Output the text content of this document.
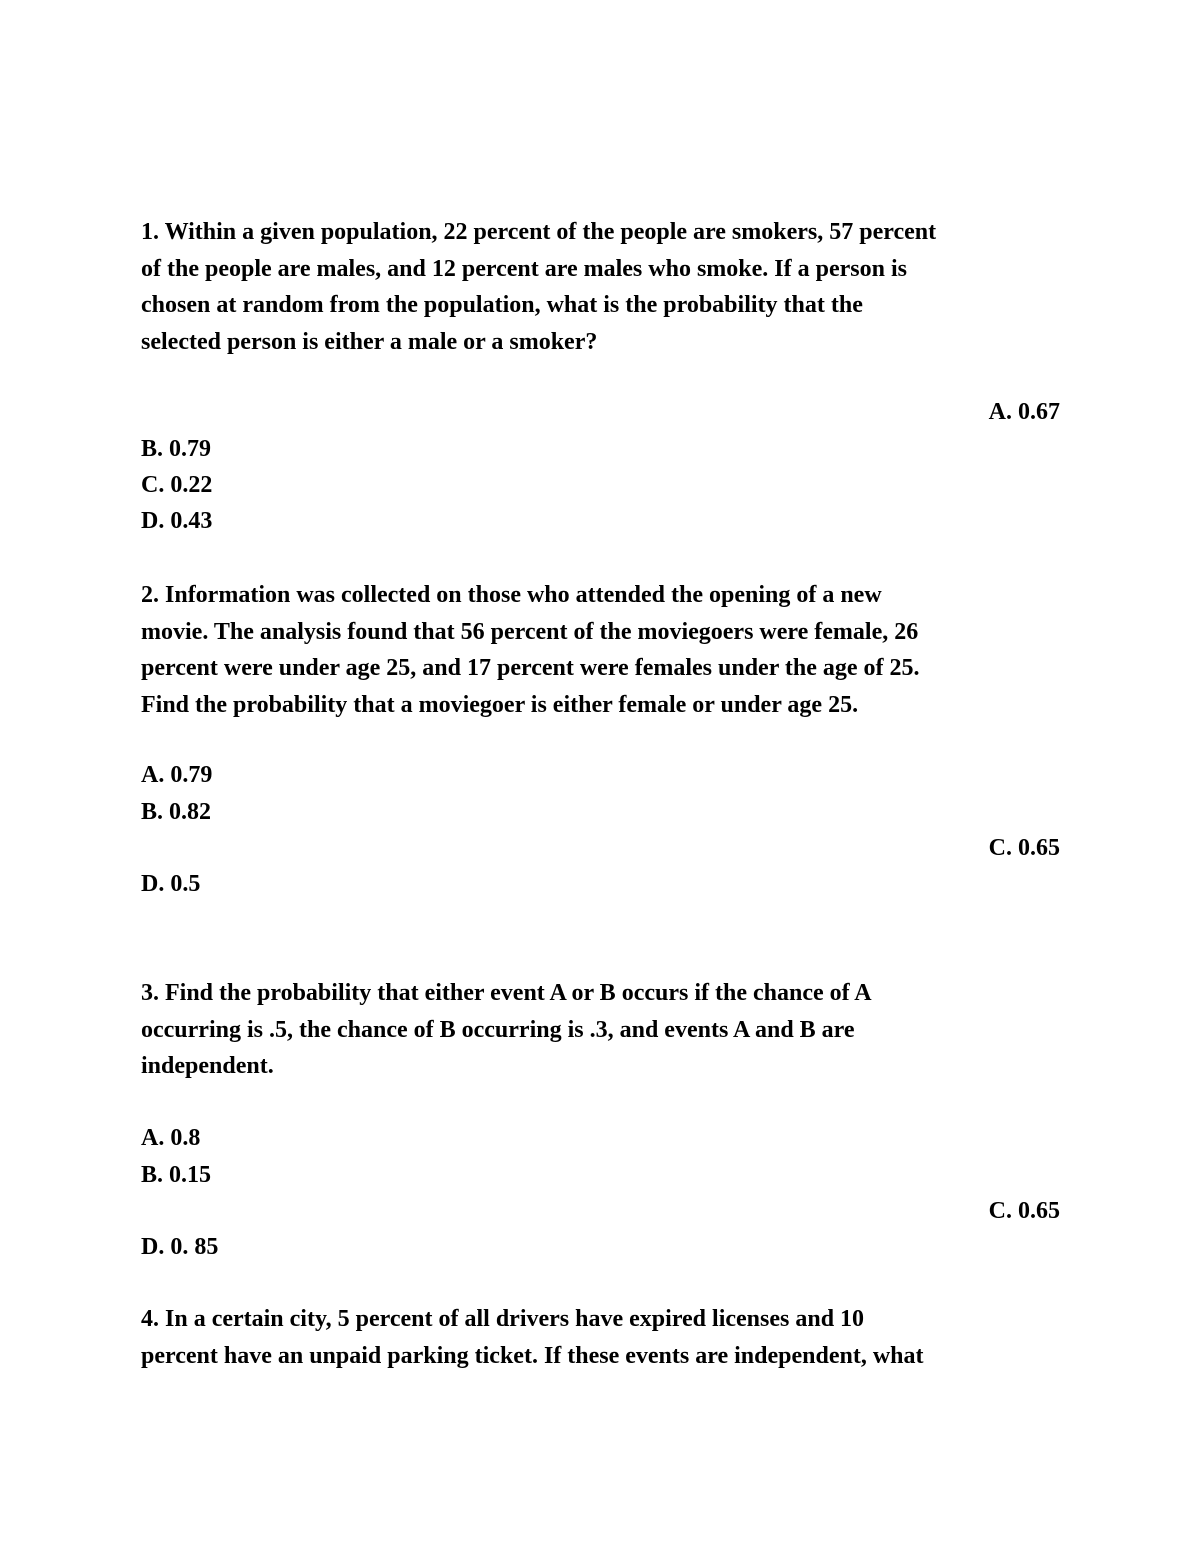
1. Within a given population, 22 percent of the people are smokers, 57 percent
of the people are males, and 12 percent are males who smoke. If a person is
chosen at random from the population, what is the probability that the
selected person is either a male or a smoker?
A. 0.67
B. 0.79
C. 0.22
D. 0.43
2. Information was collected on those who attended the opening of a new
movie. The analysis found that 56 percent of the moviegoers were female, 26
percent were under age 25, and 17 percent were females under the age of 25.
Find the probability that a moviegoer is either female or under age 25.
A. 0.79
B. 0.82
C. 0.65
D. 0.5
3. Find the probability that either event A or B occurs if the chance of A
occurring is .5, the chance of B occurring is .3, and events A and B are
independent.
A. 0.8
B. 0.15
C. 0.65
D. 0. 85
4. In a certain city, 5 percent of all drivers have expired licenses and 10
percent have an unpaid parking ticket. If these events are independent, what
